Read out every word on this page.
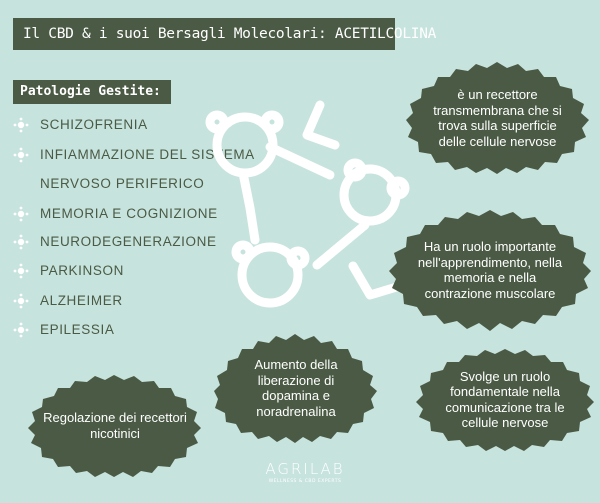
Il CBD & i suoi Bersagli Molecolari: ACETILCOLINA
Patologie Gestite:
SCHIZOFRENIA
INFIAMMAZIONE DEL SISTEMA
NERVOSO PERIFERICO
MEMORIA E COGNIZIONE
NEURODEGENERAZIONE
PARKINSON
ALZHEIMER
EPILESSIA
è un recettore transmembrana che si trova sulla superficie delle cellule nervose
Ha un ruolo importante nell'apprendimento, nella memoria e nella contrazione muscolare
Svolge un ruolo fondamentale nella comunicazione tra le cellule nervose
Aumento della liberazione di dopamina e noradrenalina
Regolazione dei recettori nicotinici
AGRILAB
WELLNESS & CBD EXPERTS
